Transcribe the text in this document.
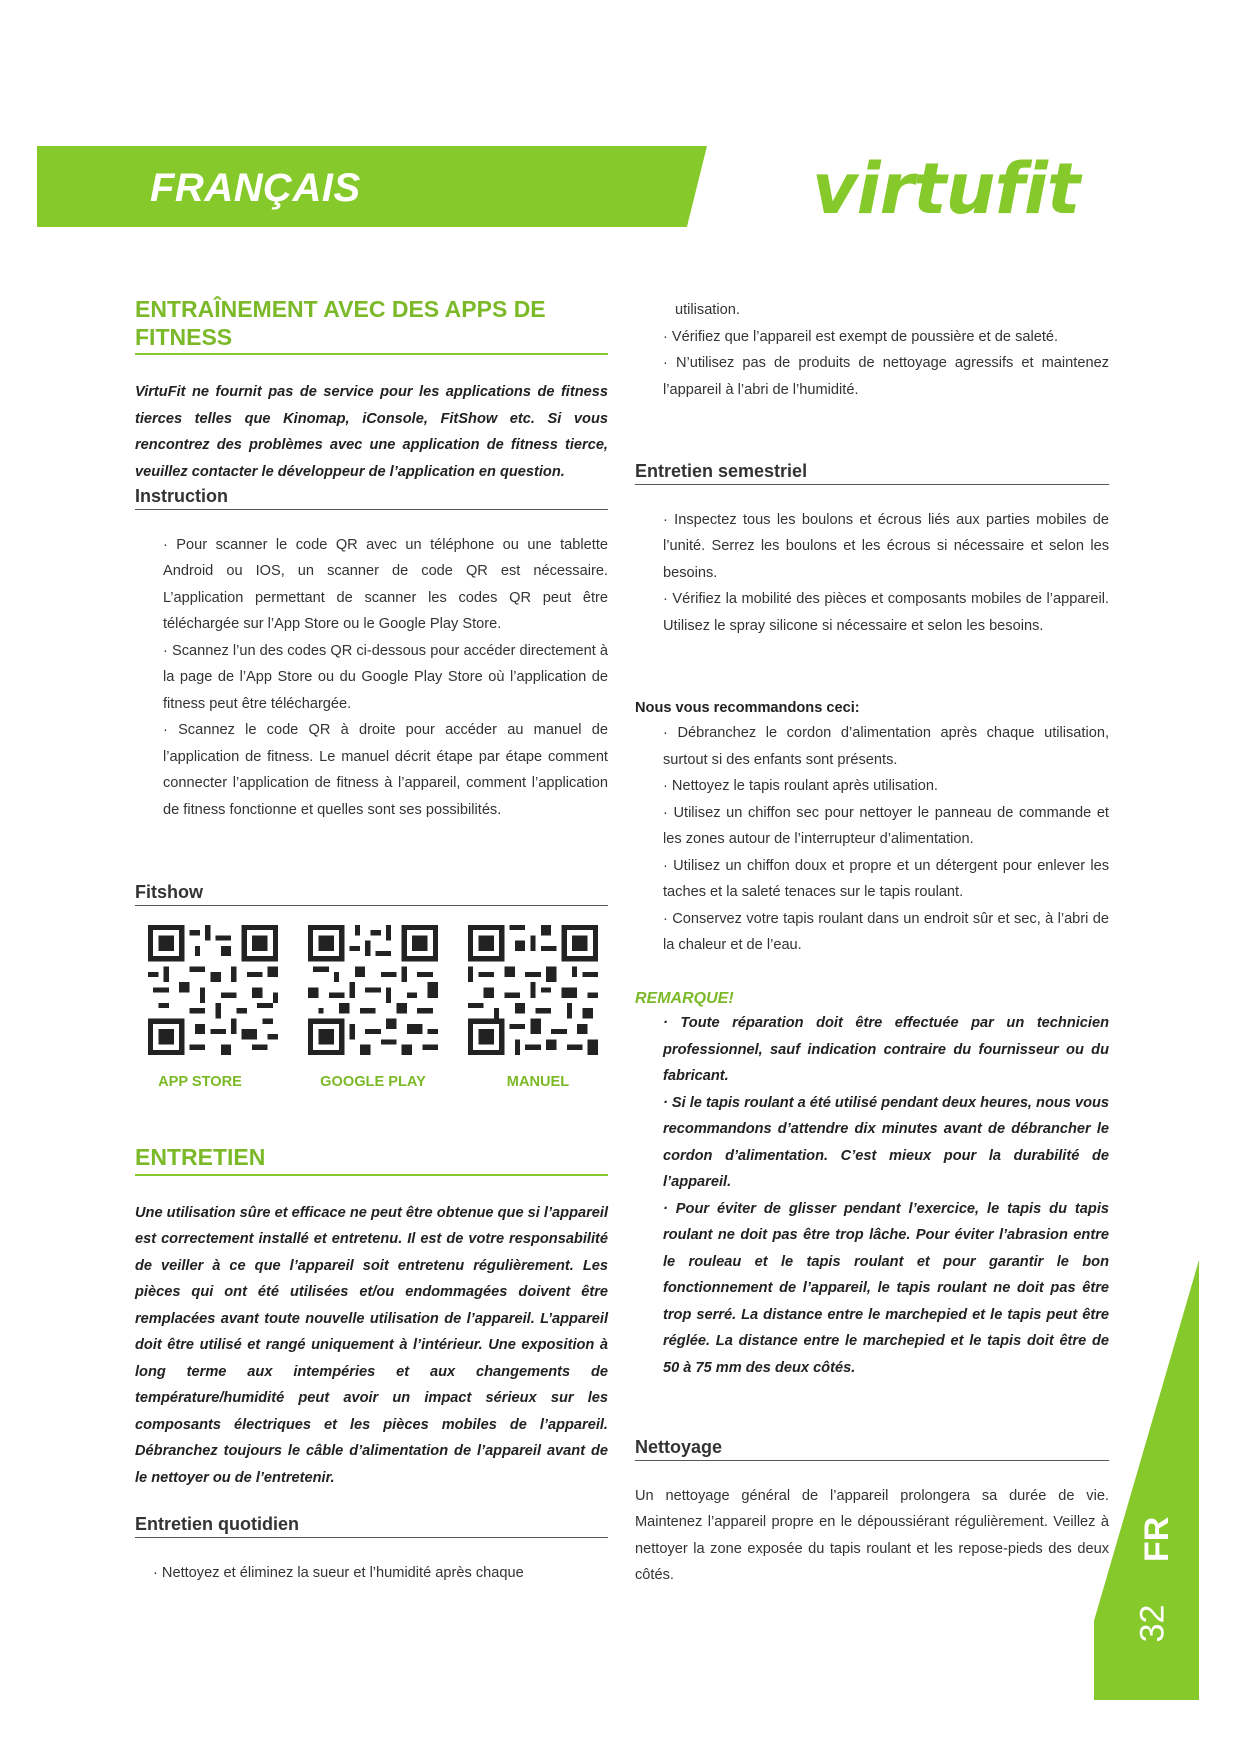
FRANÇAIS	virtufit
ENTRAÎNEMENT AVEC DES APPS DE FITNESS

VirtuFit ne fournit pas de service pour les applications de fitness tierces telles que Kinomap, iConsole, FitShow etc. Si vous rencontrez des problèmes avec une application de fitness tierce, veuillez contacter le développeur de l’application en question.

Instruction
· Pour scanner le code QR avec un téléphone ou une tablette Android ou IOS, un scanner de code QR est nécessaire. L’application permettant de scanner les codes QR peut être téléchargée sur l’App Store ou le Google Play Store.
· Scannez l’un des codes QR ci-dessous pour accéder directement à la page de l’App Store ou du Google Play Store où l’application de fitness peut être téléchargée.
· Scannez le code QR à droite pour accéder au manuel de l’application de fitness. Le manuel décrit étape par étape comment connecter l’application de fitness à l’appareil, comment l’application de fitness fonctionne et quelles sont ses possibilités.
Fitshow
APP STORE	GOOGLE PLAY	MANUEL
ENTRETIEN

Une utilisation sûre et efficace ne peut être obtenue que si l’appareil est correctement installé et entretenu. Il est de votre responsabilité de veiller à ce que l’appareil soit entretenu régulièrement. Les pièces qui ont été utilisées et/ou endommagées doivent être remplacées avant toute nouvelle utilisation de l’appareil. L’appareil doit être utilisé et rangé uniquement à l’intérieur. Une exposition à long terme aux intempéries et aux changements de température/humidité peut avoir un impact sérieux sur les composants électriques et les pièces mobiles de l’appareil. Débranchez toujours le câble d’alimentation de l’appareil avant de le nettoyer ou de l’entretenir.

Entretien quotidien
· Nettoyez et éliminez la sueur et l’humidité après chaque
utilisation.
· Vérifiez que l’appareil est exempt de poussière et de saleté.
· N’utilisez pas de produits de nettoyage agressifs et maintenez l’appareil à l’abri de l’humidité.
Entretien semestriel
· Inspectez tous les boulons et écrous liés aux parties mobiles de l’unité. Serrez les boulons et les écrous si nécessaire et selon les besoins.
· Vérifiez la mobilité des pièces et composants mobiles de l’appareil. Utilisez le spray silicone si nécessaire et selon les besoins.
Nous vous recommandons ceci:
· Débranchez le cordon d’alimentation après chaque utilisation, surtout si des enfants sont présents.
· Nettoyez le tapis roulant après utilisation.
· Utilisez un chiffon sec pour nettoyer le panneau de commande et les zones autour de l’interrupteur d’alimentation.
· Utilisez un chiffon doux et propre et un détergent pour enlever les taches et la saleté tenaces sur le tapis roulant.
· Conservez votre tapis roulant dans un endroit sûr et sec, à l’abri de la chaleur et de l’eau.
REMARQUE!
· Toute réparation doit être effectuée par un technicien professionnel, sauf indication contraire du fournisseur ou du fabricant.
· Si le tapis roulant a été utilisé pendant deux heures, nous vous recommandons d’attendre dix minutes avant de débrancher le cordon d’alimentation. C’est mieux pour la durabilité de l’appareil.
· Pour éviter de glisser pendant l’exercice, le tapis du tapis roulant ne doit pas être trop lâche. Pour éviter l’abrasion entre le rouleau et le tapis roulant et pour garantir le bon fonctionnement de l’appareil, le tapis roulant ne doit pas être trop serré. La distance entre le marchepied et le tapis peut être réglée. La distance entre le marchepied et le tapis doit être de 50 à 75 mm des deux côtés.
Nettoyage

Un nettoyage général de l’appareil prolongera sa durée de vie. Maintenez l’appareil propre en le dépoussiérant régulièrement. Veillez à nettoyer la zone exposée du tapis roulant et les repose-pieds des deux côtés.

FR
32
